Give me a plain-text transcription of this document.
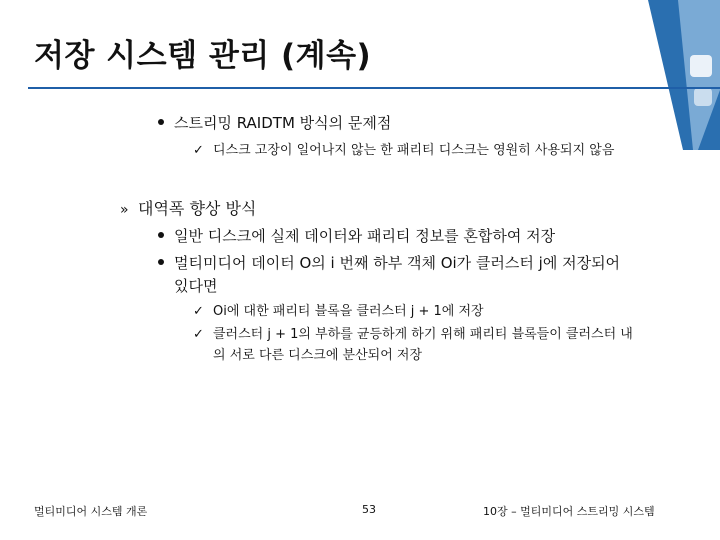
저장 시스템 관리 (계속)
스트리밍 RAIDTM 방식의 문제점
✓ 디스크 고장이 일어나지 않는 한 패리티 디스크는 영원히 사용되지 않음
» 대역폭 향상 방식
일반 디스크에 실제 데이터와 패리티 정보를 혼합하여 저장
멀티미디어 데이터 O의 i 번째 하부 객체 Oi가 클러스터 j에 저장되어
있다면
✓ Oi에 대한 패리티 블록을 클러스터 j + 1에 저장
✓ 클러스터 j + 1의 부하를 균등하게 하기 위해 패리티 블록들이 클러스터 내
의 서로 다른 디스크에 분산되어 저장
멀티미디어 시스템 개론	53	10장 – 멀티미디어 스트리밍 시스템
